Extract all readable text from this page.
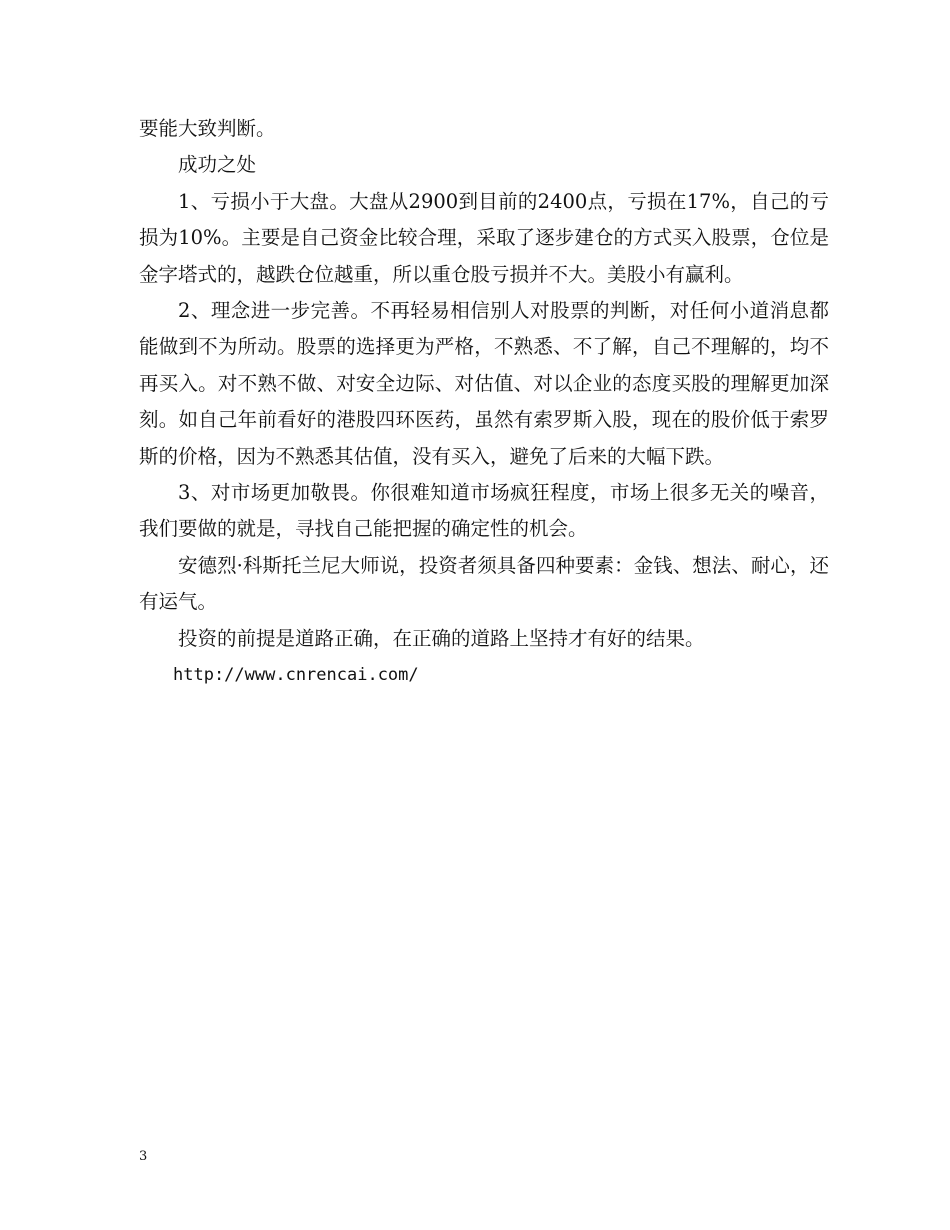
要能大致判断。

成功之处

1、亏损小于大盘。大盘从2900到目前的2400点，亏损在17%，自己的亏损为10%。主要是自己资金比较合理，采取了逐步建仓的方式买入股票，仓位是金字塔式的，越跌仓位越重，所以重仓股亏损并不大。美股小有赢利。

2、理念进一步完善。不再轻易相信别人对股票的判断，对任何小道消息都能做到不为所动。股票的选择更为严格，不熟悉、不了解，自己不理解的，均不再买入。对不熟不做、对安全边际、对估值、对以企业的态度买股的理解更加深刻。如自己年前看好的港股四环医药，虽然有索罗斯入股，现在的股价低于索罗斯的价格，因为不熟悉其估值，没有买入，避免了后来的大幅下跌。

3、对市场更加敬畏。你很难知道市场疯狂程度，市场上很多无关的噪音，我们要做的就是，寻找自己能把握的确定性的机会。

安德烈·科斯托兰尼大师说，投资者须具备四种要素：金钱、想法、耐心，还有运气。

投资的前提是道路正确，在正确的道路上坚持才有好的结果。

http://www.cnrencai.com/

3
